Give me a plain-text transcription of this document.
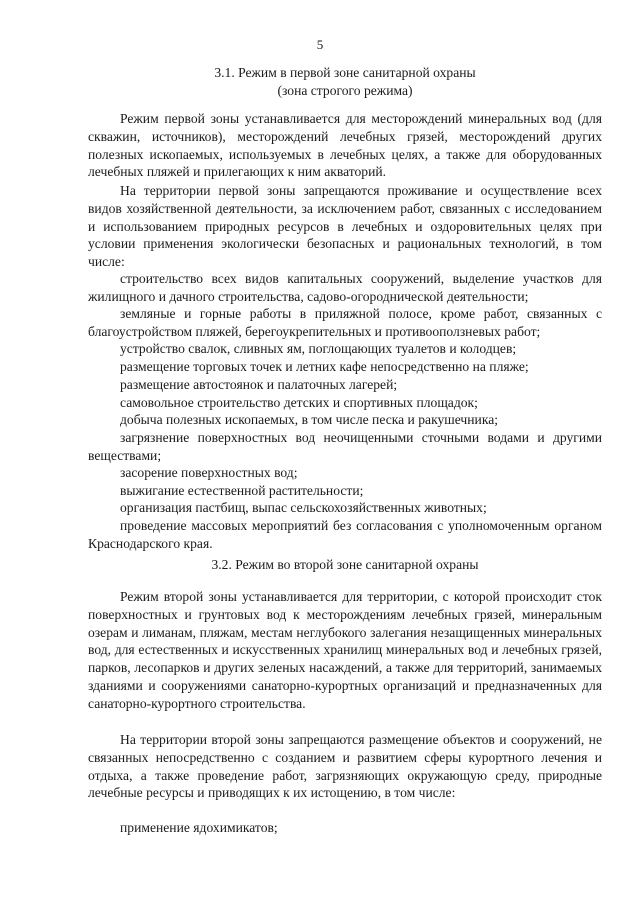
5
3.1. Режим в первой зоне санитарной охраны
(зона строгого режима)
Режим первой зоны устанавливается для месторождений минеральных вод (для скважин, источников), месторождений лечебных грязей, месторождений других полезных ископаемых, используемых в лечебных целях, а также для оборудованных лечебных пляжей и прилегающих к ним акваторий.
На территории первой зоны запрещаются проживание и осуществление всех видов хозяйственной деятельности, за исключением работ, связанных с исследованием и использованием природных ресурсов в лечебных и оздоровительных целях при условии применения экологически безопасных и рациональных технологий, в том числе:
строительство всех видов капитальных сооружений, выделение участков для жилищного и дачного строительства, садово-огороднической деятельности;
земляные и горные работы в приляжной полосе, кроме работ, связанных с благоустройством пляжей, берегоукрепительных и противооползневых работ;
устройство свалок, сливных ям, поглощающих туалетов и колодцев;
размещение торговых точек и летних кафе непосредственно на пляже;
размещение автостоянок и палаточных лагерей;
самовольное строительство детских и спортивных площадок;
добыча полезных ископаемых, в том числе песка и ракушечника;
загрязнение поверхностных вод неочищенными сточными водами и другими веществами;
засорение поверхностных вод;
выжигание естественной растительности;
организация пастбищ, выпас сельскохозяйственных животных;
проведение массовых мероприятий без согласования с уполномоченным органом Краснодарского края.
3.2. Режим во второй зоне санитарной охраны
Режим второй зоны устанавливается для территории, с которой происходит сток поверхностных и грунтовых вод к месторождениям лечебных грязей, минеральным озерам и лиманам, пляжам, местам неглубокого залегания незащищенных минеральных вод, для естественных и искусственных хранилищ минеральных вод и лечебных грязей, парков, лесопарков и других зеленых насаждений, а также для территорий, занимаемых зданиями и сооружениями санаторно-курортных организаций и предназначенных для санаторно-курортного строительства.
На территории второй зоны запрещаются размещение объектов и сооружений, не связанных непосредственно с созданием и развитием сферы курортного лечения и отдыха, а также проведение работ, загрязняющих окружающую среду, природные лечебные ресурсы и приводящих к их истощению, в том числе:
применение ядохимикатов;
